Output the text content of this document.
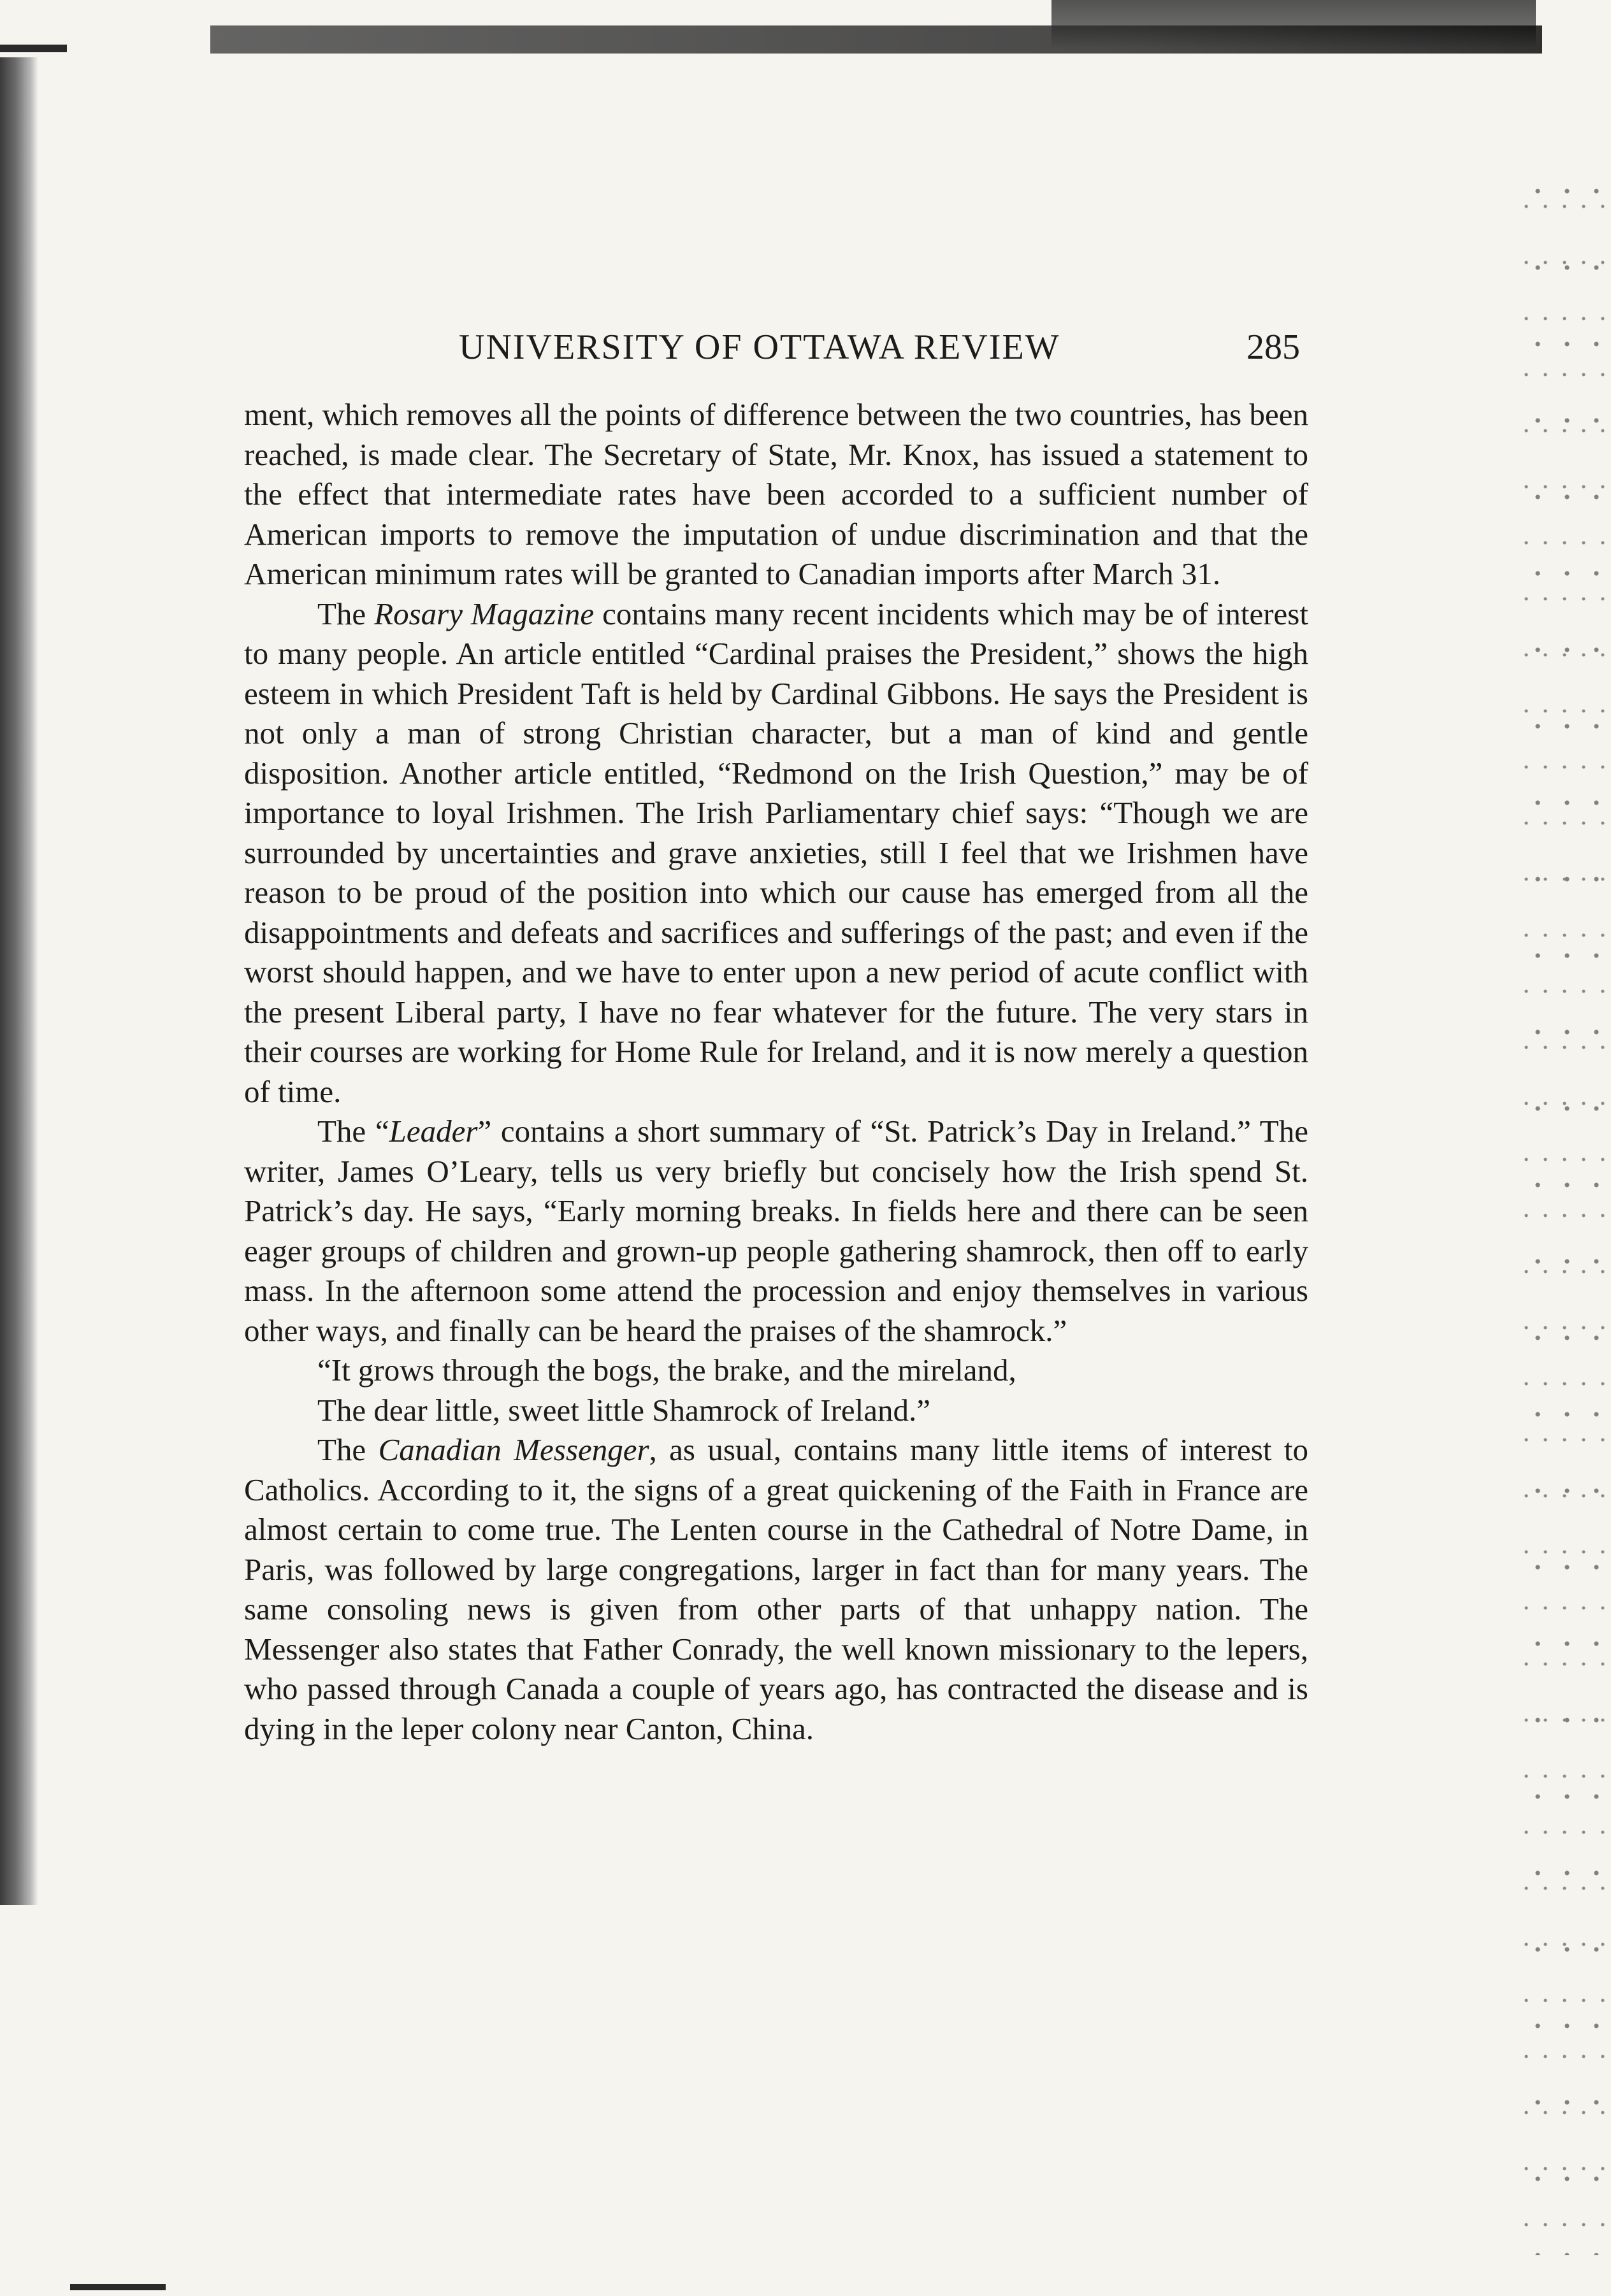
UNIVERSITY OF OTTAWA REVIEW	285

ment, which removes all the points of difference between the two countries, has been reached, is made clear. The Secretary of State, Mr. Knox, has issued a statement to the effect that intermediate rates have been accorded to a sufficient number of American imports to remove the imputation of undue discrimination and that the American minimum rates will be granted to Canadian imports after March 31.

The Rosary Magazine contains many recent incidents which may be of interest to many people. An article entitled “Cardinal praises the President,” shows the high esteem in which President Taft is held by Cardinal Gibbons. He says the President is not only a man of strong Christian character, but a man of kind and gentle disposition. Another article entitled, “Redmond on the Irish Question,” may be of importance to loyal Irishmen. The Irish Parliamentary chief says: “Though we are surrounded by uncertainties and grave anxieties, still I feel that we Irishmen have reason to be proud of the position into which our cause has emerged from all the disappointments and defeats and sacrifices and sufferings of the past; and even if the worst should happen, and we have to enter upon a new period of acute conflict with the present Liberal party, I have no fear whatever for the future. The very stars in their courses are working for Home Rule for Ireland, and it is now merely a question of time.

The “Leader” contains a short summary of “St. Patrick’s Day in Ireland.” The writer, James O’Leary, tells us very briefly but concisely how the Irish spend St. Patrick’s day. He says, “Early morning breaks. In fields here and there can be seen eager groups of children and grown-up people gathering shamrock, then off to early mass. In the afternoon some attend the procession and enjoy themselves in various other ways, and finally can be heard the praises of the shamrock.”

“It grows through the bogs, the brake, and the mireland,

The dear little, sweet little Shamrock of Ireland.”

The Canadian Messenger, as usual, contains many little items of interest to Catholics. According to it, the signs of a great quickening of the Faith in France are almost certain to come true. The Lenten course in the Cathedral of Notre Dame, in Paris, was followed by large congregations, larger in fact than for many years. The same consoling news is given from other parts of that unhappy nation. The Messenger also states that Father Conrady, the well known missionary to the lepers, who passed through Canada a couple of years ago, has contracted the disease and is dying in the leper colony near Canton, China.
